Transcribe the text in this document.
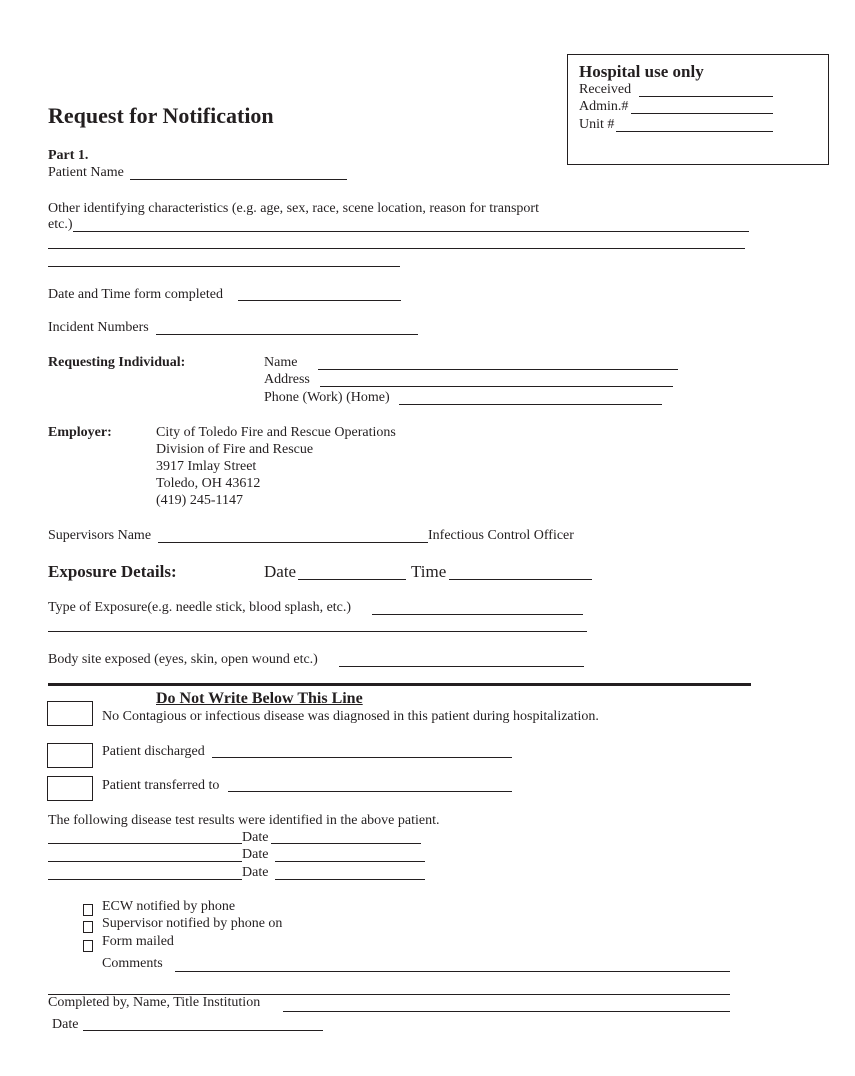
Hospital use only
Received
Admin.#
Unit #
Request for Notification
Part 1.
Patient Name
Other identifying characteristics (e.g. age, sex, race, scene location, reason for transport
etc.)
Date and Time form completed
Incident Numbers
Requesting Individual:	Name
Address
Phone (Work) (Home)
Employer:	City of Toledo Fire and Rescue Operations
Division of Fire and Rescue
3917 Imlay Street
Toledo, OH 43612
(419) 245-1147
Supervisors Name	Infectious Control Officer
Exposure Details:	Date	Time
Type of Exposure(e.g. needle stick, blood splash, etc.)
Body site exposed (eyes, skin, open wound etc.)
Do Not Write Below This Line
No Contagious or infectious disease was diagnosed in this patient during hospitalization.
Patient discharged
Patient transferred to
The following disease test results were identified in the above patient.
Date
Date
Date
ECW notified by phone
Supervisor notified by phone on
Form mailed
Comments
Completed by, Name, Title Institution
Date
